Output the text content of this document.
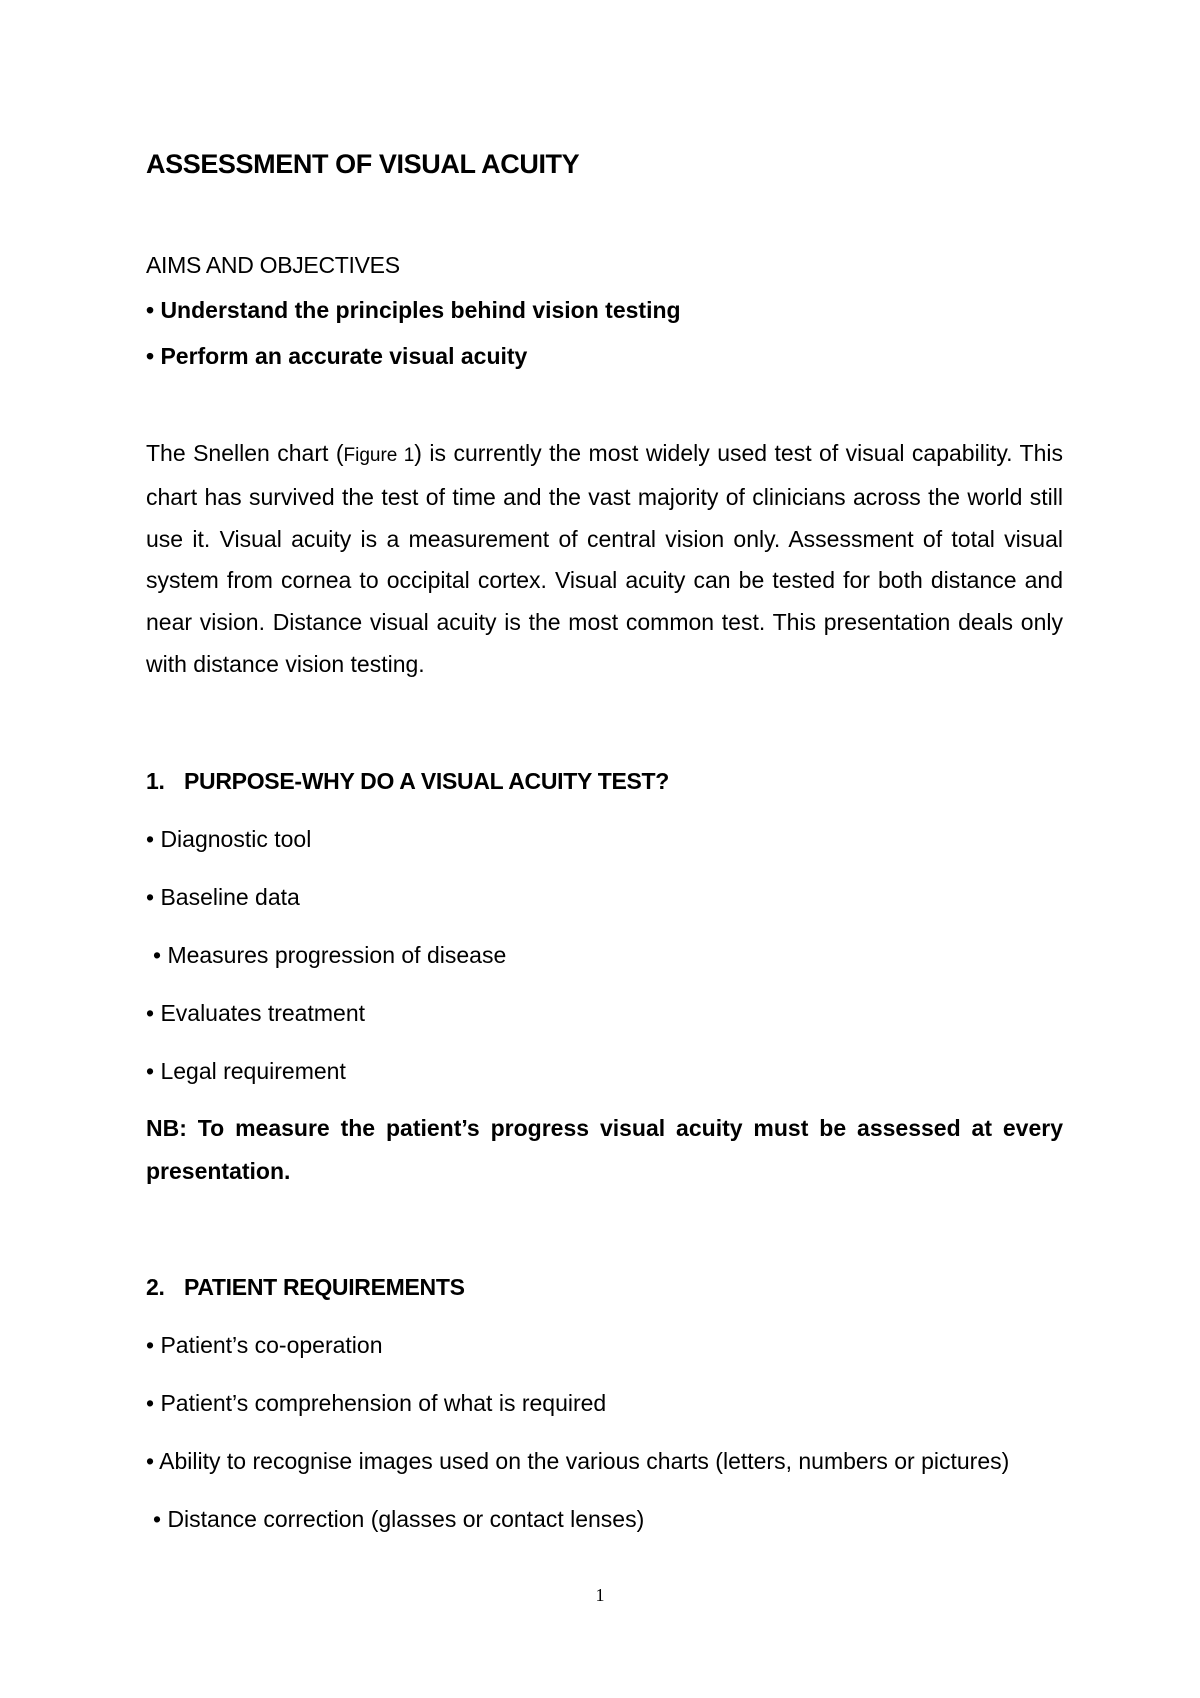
ASSESSMENT OF VISUAL ACUITY
AIMS AND OBJECTIVES
• Understand the principles behind vision testing
• Perform an accurate visual acuity
The Snellen chart (Figure 1) is currently the most widely used test of visual capability. This chart has survived the test of time and the vast majority of clinicians across the world still use it. Visual acuity is a measurement of central vision only. Assessment of total visual system from cornea to occipital cortex. Visual acuity can be tested for both distance and near vision. Distance visual acuity is the most common test. This presentation deals only with distance vision testing.
1. PURPOSE-WHY DO A VISUAL ACUITY TEST?
• Diagnostic tool
• Baseline data
• Measures progression of disease
• Evaluates treatment
• Legal requirement
NB: To measure the patient’s progress visual acuity must be assessed at every presentation.
2. PATIENT REQUIREMENTS
• Patient’s co-operation
• Patient’s comprehension of what is required
• Ability to recognise images used on the various charts (letters, numbers or pictures)
• Distance correction (glasses or contact lenses)
1
